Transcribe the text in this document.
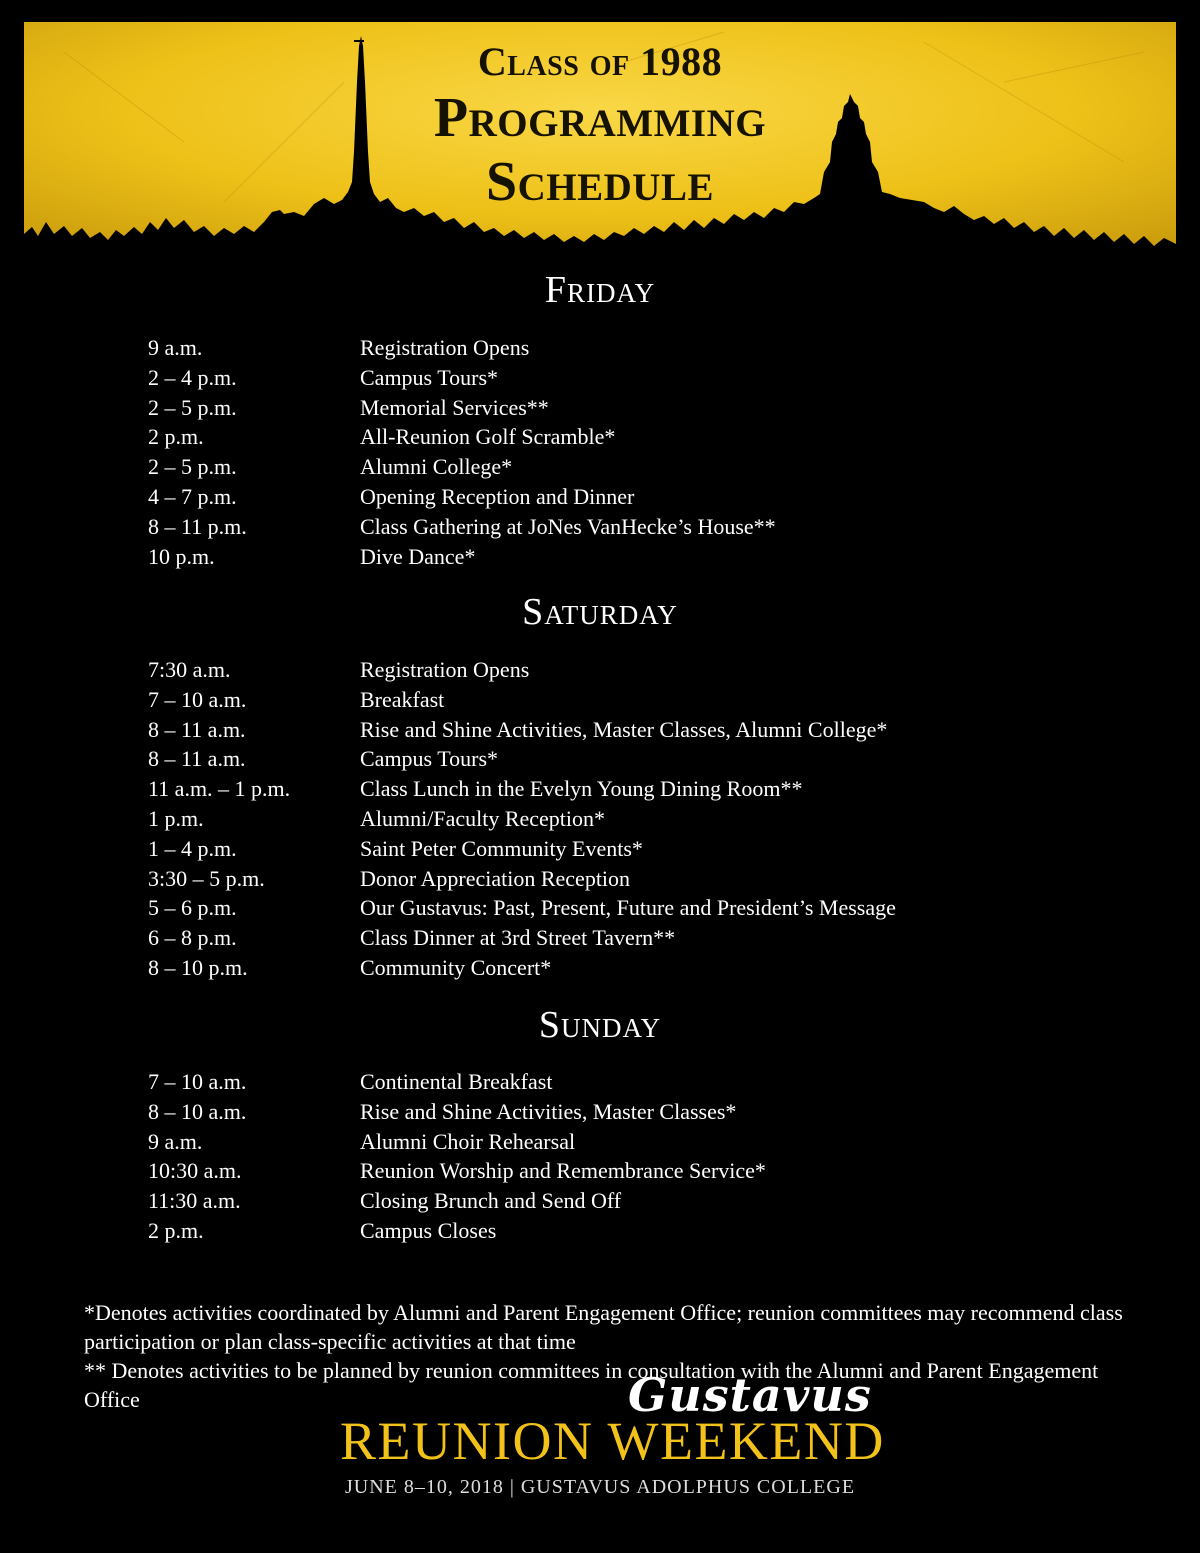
Class of 1988
Programming
Schedule
Friday
9 a.m.	Registration Opens
2 – 4 p.m.	Campus Tours*
2 – 5 p.m.	Memorial Services**
2 p.m.	All-Reunion Golf Scramble*
2 – 5 p.m.	Alumni College*
4 – 7 p.m.	Opening Reception and Dinner
8 – 11 p.m.	Class Gathering at JoNes VanHecke’s House**
10 p.m.	Dive Dance*
Saturday
7:30 a.m.	Registration Opens
7 – 10 a.m.	Breakfast
8 – 11 a.m.	Rise and Shine Activities, Master Classes, Alumni College*
8 – 11 a.m.	Campus Tours*
11 a.m. – 1 p.m.	Class Lunch in the Evelyn Young Dining Room**
1 p.m.	Alumni/Faculty Reception*
1 – 4 p.m.	Saint Peter Community Events*
3:30 – 5 p.m.	Donor Appreciation Reception
5 – 6 p.m.	Our Gustavus: Past, Present, Future and President’s Message
6 – 8 p.m.	Class Dinner at 3rd Street Tavern**
8 – 10 p.m.	Community Concert*
Sunday
7 – 10 a.m.	Continental Breakfast
8 – 10 a.m.	Rise and Shine Activities, Master Classes*
9 a.m.	Alumni Choir Rehearsal
10:30 a.m.	Reunion Worship and Remembrance Service*
11:30 a.m.	Closing Brunch and Send Off
2 p.m.	Campus Closes

*Denotes activities coordinated by Alumni and Parent Engagement Office; reunion committees may recommend class participation or plan class-specific activities at that time

** Denotes activities to be planned by reunion committees in consultation with the Alumni and Parent Engagement Office	Gustavus
REUNION WEEKEND
JUNE 8–10, 2018 | GUSTAVUS ADOLPHUS COLLEGE
